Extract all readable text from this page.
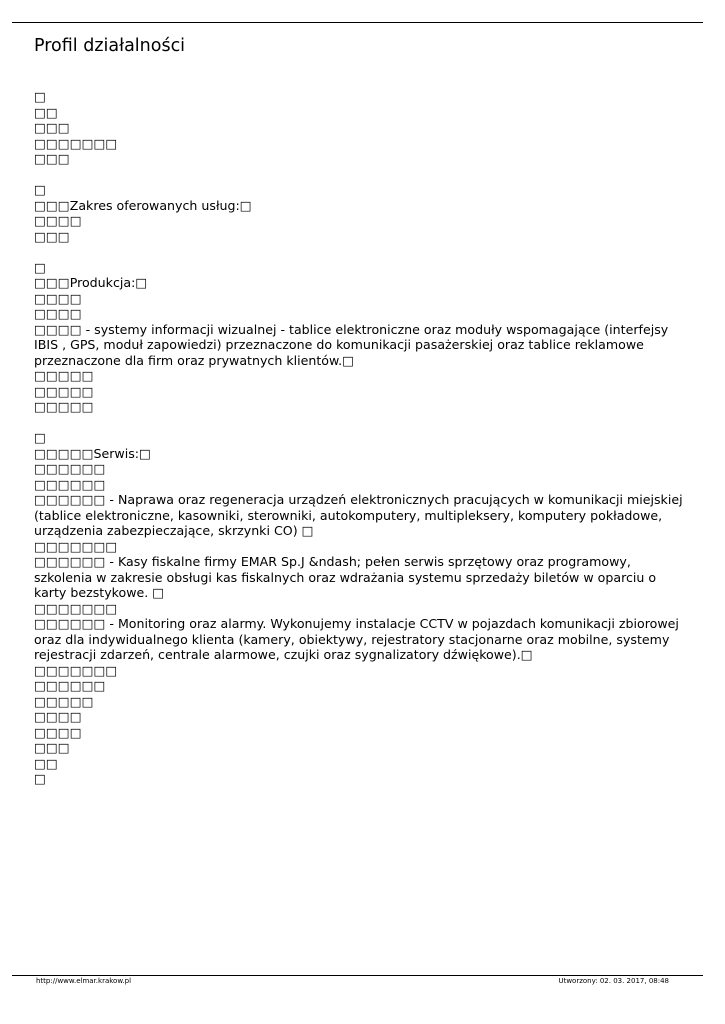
Profil działalności
□
□□
□□□
□□□□□□□
□□□
□
□□□Zakres oferowanych usług:□
□□□□
□□□
□
□□□Produkcja:□
□□□□
□□□□
□□□□ - systemy informacji wizualnej - tablice elektroniczne oraz moduły wspomagające (interfejsy IBIS , GPS, moduł zapowiedzi) przeznaczone do komunikacji pasażerskiej oraz tablice reklamowe przeznaczone dla firm oraz prywatnych klientów.□
□□□□□
□□□□□
□□□□□
□
□□□□□Serwis:□
□□□□□□
□□□□□□
□□□□□□ - Naprawa oraz regeneracja urządzeń elektronicznych pracujących w komunikacji miejskiej (tablice elektroniczne, kasowniki, sterowniki, autokomputery, multipleksery, komputery pokładowe, urządzenia zabezpieczające, skrzynki CO) □
□□□□□□□
□□□□□□ - Kasy fiskalne firmy EMAR Sp.J &ndash; pełen serwis sprzętowy oraz programowy, szkolenia w zakresie obsługi kas fiskalnych oraz wdrażania systemu sprzedaży biletów w oparciu o karty bezstykowe. □
□□□□□□□
□□□□□□ - Monitoring oraz alarmy. Wykonujemy instalacje CCTV w pojazdach komunikacji zbiorowej oraz dla indywidualnego klienta (kamery, obiektywy, rejestratory stacjonarne oraz mobilne, systemy rejestracji zdarzeń, centrale alarmowe, czujki oraz sygnalizatory dźwiękowe).□
□□□□□□□
□□□□□□
□□□□□
□□□□
□□□□
□□□
□□
□
http://www.elmar.krakow.pl	Utworzony: 02. 03. 2017, 08:48
